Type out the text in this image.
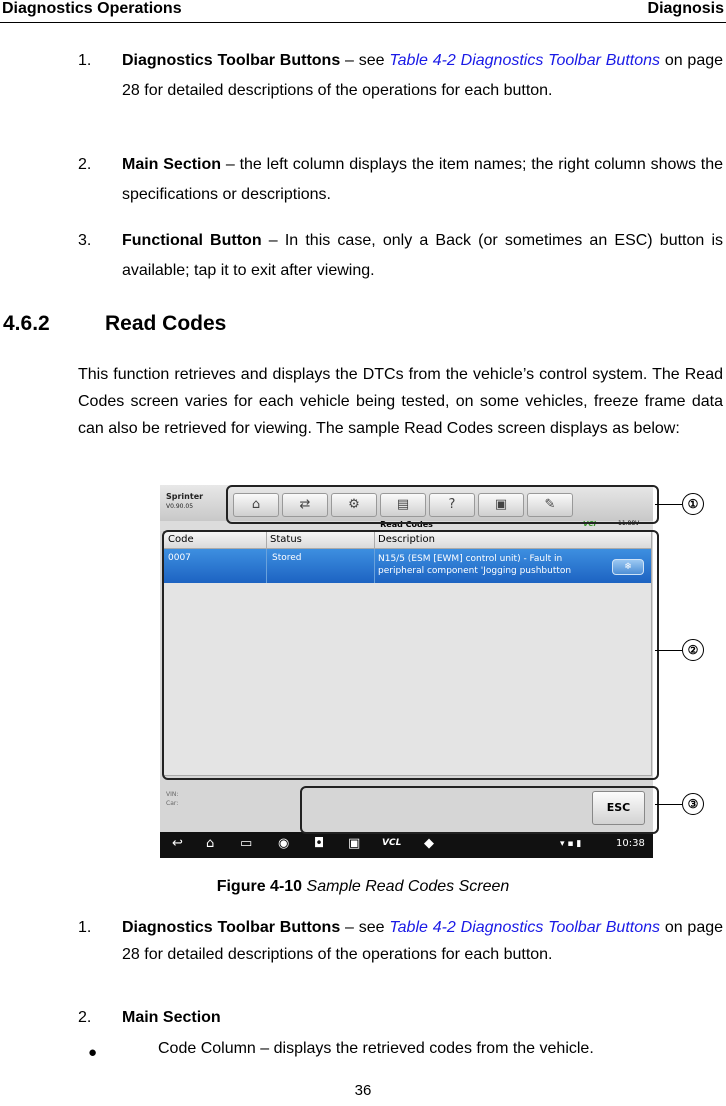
Diagnostics Operations	Diagnosis
1.	Diagnostics Toolbar Buttons – see Table 4-2 Diagnostics Toolbar Buttons on page 28 for detailed descriptions of the operations for each button.
2.	Main Section – the left column displays the item names; the right column shows the specifications or descriptions.
3.	Functional Button – In this case, only a Back (or sometimes an ESC) button is available; tap it to exit after viewing.
4.6.2	Read Codes
This function retrieves and displays the DTCs from the vehicle’s control system. The Read Codes screen varies for each vehicle being tested, on some vehicles, freeze frame data can also be retrieved for viewing. The sample Read Codes screen displays as below:
Sprinter
V0.90.05	⌂	⇄	⚙	▤	?	▣	✎
Read Codes	VCI	11.88V
Code	Status	Description
0007	Stored	N15/5 (ESM [EWM] control unit) - Fault in peripheral component 'Jogging pushbutton	❄
VIN:
Car:	ESC
↩ ⌂ ▭ ◉ ◘ ▣ VCL ◆	▾ ▪ ▮	10:38
①
②
③
Figure 4-10 Sample Read Codes Screen
1.	Diagnostics Toolbar Buttons – see Table 4-2 Diagnostics Toolbar Buttons on page 28 for detailed descriptions of the operations for each button.
2.	Main Section
●	Code Column – displays the retrieved codes from the vehicle.
36
